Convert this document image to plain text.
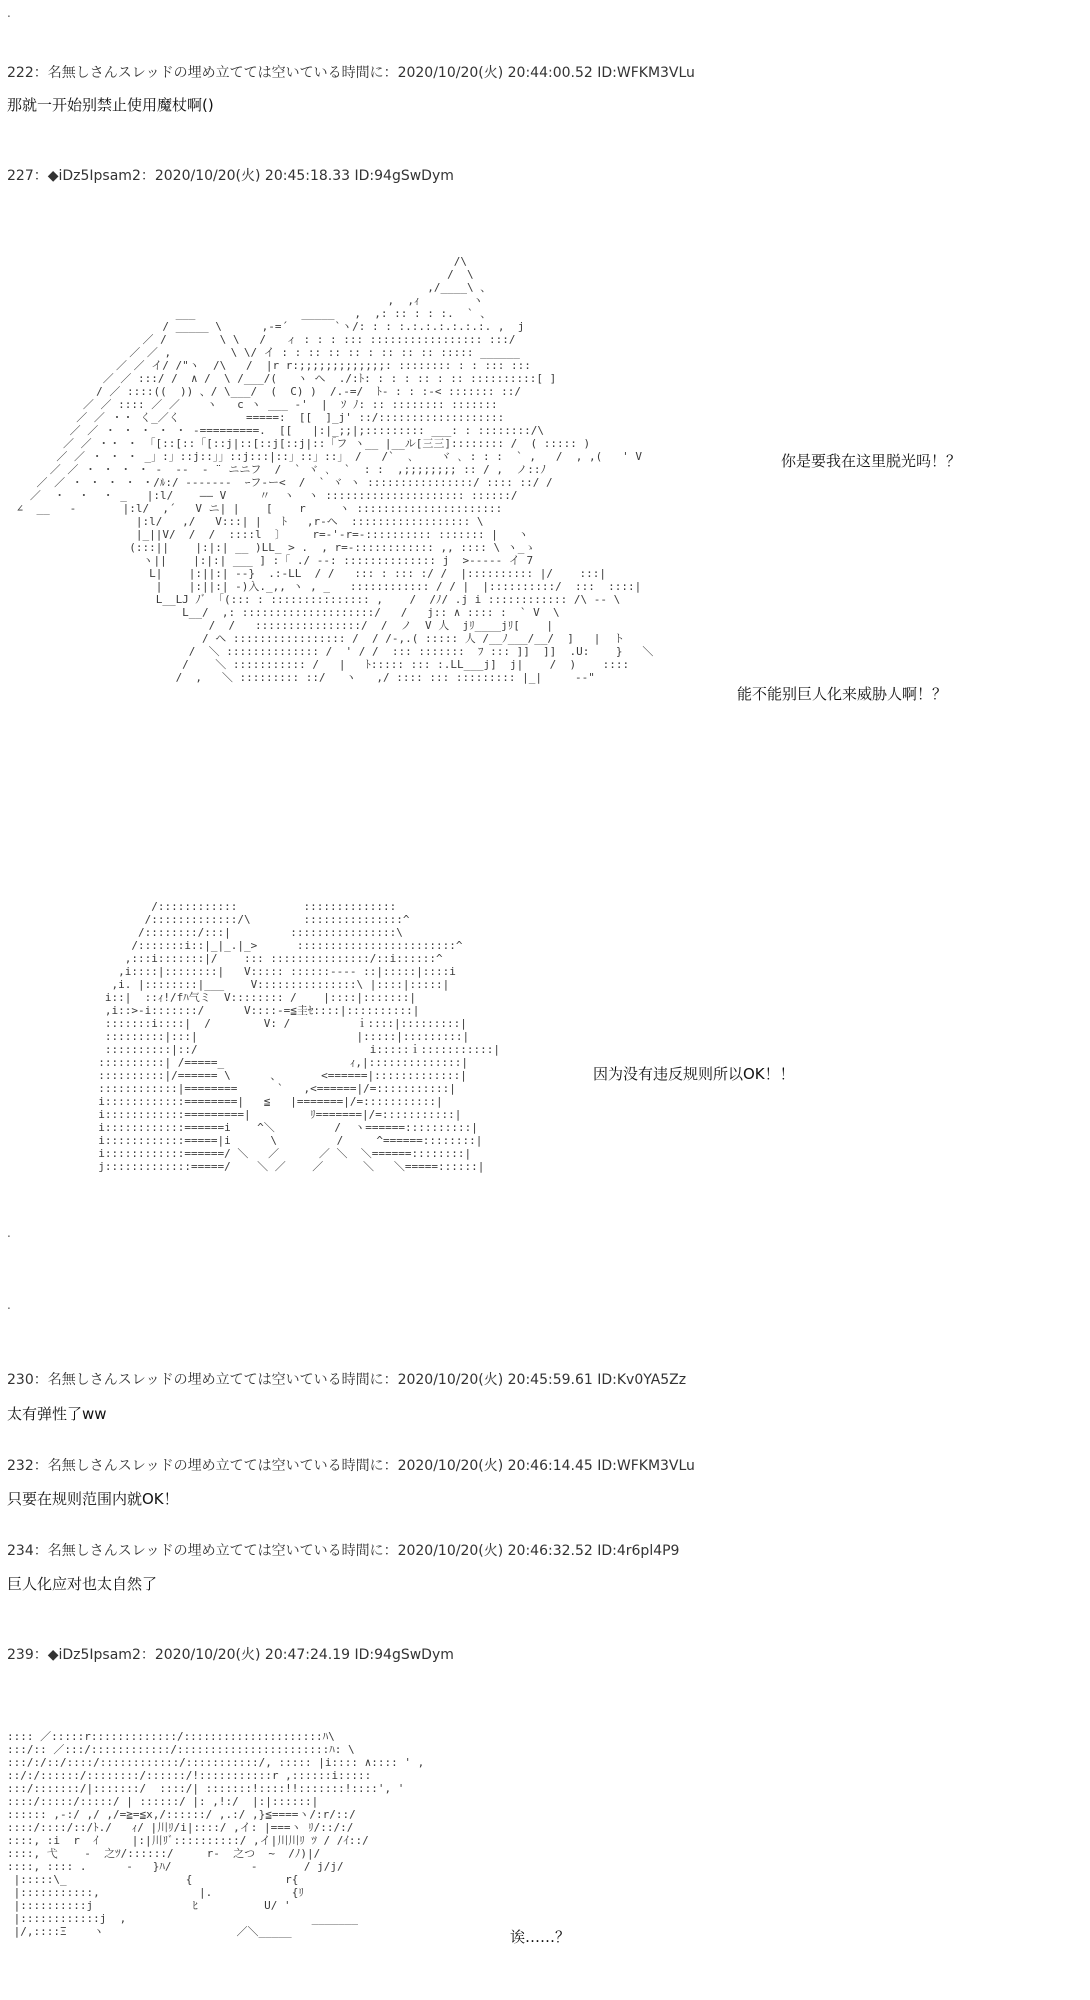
.
.
.
222：名無しさんスレッドの埋め立てては空いている時間に：2020/10/20(火) 20:44:00.52 ID:WFKM3VLu
那就一开始别禁止使用魔杖啊()
227：◆iDz5Ipsam2：2020/10/20(火) 20:45:18.33 ID:94gSwDym
/\
/  \
,/____\ 、
,  ,ｨ        ヽ
___                _____   ,  ,: :: : : :.  ` 、
/ _____ \      ,-=´       `ヽ/: : : :.:.:.:.:.:.:. ,  j
／ /        \ \   /   ィ : : : ::: ::::::::::::::::: :::/
／ ／ ,         \ \/ イ : : :: :: :: : :: :: :: ::::: ______
／ ／ イ/ /"ヽ  /\   /  |r r:;;;;;;;;;;;;;: :::::::: : : ::: :::
／ ／ :::/ /  ∧ /  \ /___/(   ヽ ヘ  ./:ﾄ: : : : :: : :: ::::::::::[ ]
/ ／ ::::((  )) 、/ \___/  (  C) )  /.-=/  ﾄ- : : :-< ::::::: ::/
／ ／ :::: ／ ／    ヽ   c ヽ ___ -'  |  ｿ ﾉ: :: :::::::: :::::::
／ ／ ・・ く_／く          =====:  [[  ]_j' ::/:::::::::::::::::::
／ ／ ・ ・ ・ ・ ・ -=========.  [[   |:|_;;|;::::::::: ___: : ::::::::/\
／ ／ ・・ ・ 「[::[::「[::j|::[::j[::j|::「フ ヽ__ |__ル[三三]:::::::: /  ( ::::: )
／ ／ ・ ・ ・ _」:」::j::」」::j:::|::」::」::」 /   /`  ､    ヾ ､ : : :  ` ,   /  , ,(   ' V
／ ／ ・ ・ ・ ・ ‐  ‐‐  ‐ ¨ ニニフ  /  ` ヾ ､  `  : :  ,;;;;;;;; :: / ,  ノ::ﾉ
／ ／ ・ ・ ・ ・ ・/ﾙ:/ ‐‐‐‐‐‐‐  ｰフ‐ー<  /  ` ヾ ヽ ::::::::::::::::/ :::: ::/ /
／  ・  ・  ・ _   |:l/    ―― V     〃  ヽ  ヽ ::::::::::::::::::::: ::::::/
∠  __   -       |:l/  ,´   V ニ| |    [    r     ヽ ::::::::::::::::::::::
|:l/   ,/   V:::| |   ﾄ   ,r-ヘ  :::::::::::::::::: \
|_||V/  /  /  ::::l  〕    r=-'-r=-:::::::::: ::::::: |   ヽ
(:::||    |:|:| __ )LL_ > .  , r=-:::::::::::: ,, :::: \ ヽ_ゝ
ヽ||    |:|:| ___ ] :「 ./ -‐: :::::::::::::: j  >----- イ 7
L|    |:||:| --}  .:-LL  / /   ::: : ::: :/ /  |:::::::::: |/    :::|
|    |:||:| -)入._,, ヽ , _   :::::::::::: / / |  |::::::::::/  :::  ::::|
L__LJ ﾉﾞ 「(::: : ::::::::::::::: ,    /  /ﾉ/ .j i :::::::::::: /\ ‐‐ \
L__/  ,: ::::::::::::::::::::/   /   j:: ∧ :::: :  ` V  \
/  /   ::::::::::::::::/  /  ノ  V 人  jﾘ____jﾘ[    |
/ ヘ ::::::::::::::::: /  / /‐,.( ::::: 人 /__ﾉ___/__/  ]   |  ト
/  ＼ :::::::::::::: /  ' / /  ::: :::::::  ﾌ ::: ]]  ]]  .U:    }   ＼
/    ＼ ::::::::::: /   |   ﾄ::::: ::: :.LL___j]  j|    /  )    ::::
/  ,   ＼ ::::::::: ::/   ヽ   ,/ :::: ::: ::::::::: |_|     ‐-"

你是要我在这里脱光吗！？
能不能别巨人化来威胁人啊！？
/::::::::::::          ::::::::::::::
/:::::::::::::/\        :::::::::::::::^
/::::::::/:::|         ::::::::::::::::\
/:::::::i::|_|_.|_>      ::::::::::::::::::::::::^
,:::i:::::::|/    ::: :::::::::::::::/::i::::::^
,i::::|::::::::|   V::::: ::::::---- ::|:::::|::::i
,i. |::::::::|___    V:::::::::::::::\ |::::|:::::|
i::|  ::ｨ!/fﾊ气ミ  V:::::::: /    |::::|:::::::|
,i::>-i:::::::/      V::::-=≦圭ｾ::::|::::::::::|
:::::::i::::|  /        V: /          ｉ::::|:::::::::|
:::::::::|:::|                        |:::::|:::::::::|
::::::::::|::/                          i:::::ｉ:::::::::::|
::::::::::| /=====_                   ｨ,|::::::::::::::|
::::::::::|/====== \      、      <======|:::::::::::::|
::::::::::::|========      `   ,<======|/=:::::::::::|
i::::::::::::========|   ≦   |=======|/=:::::::::::|
i::::::::::::=========|         ﾘ=======|/=:::::::::::|
i::::::::::::======i    ^＼         /  ヽ======::::::::::|
i::::::::::::=====|i      \         /     ^======::::::::|
i::::::::::::======/ ＼   ／      ／ ＼  ＼======::::::::|
j:::::::::::::=====/    ＼ ／    ／      ＼   ＼=====::::::|

因为没有违反规则所以OK！！
230：名無しさんスレッドの埋め立てては空いている時間に：2020/10/20(火) 20:45:59.61 ID:Kv0YA5Zz
太有弹性了ww
232：名無しさんスレッドの埋め立てては空いている時間に：2020/10/20(火) 20:46:14.45 ID:WFKM3VLu
只要在规则范围内就OK！
234：名無しさんスレッドの埋め立てては空いている時間に：2020/10/20(火) 20:46:32.52 ID:4r6pl4P9
巨人化应对也太自然了
239：◆iDz5Ipsam2：2020/10/20(火) 20:47:24.19 ID:94gSwDym
:::: ／:::::r:::::::::::::/:::::::::::::::::::::ﾊ\
:::/:: ／:::/::::::::::::/:::::::::::::::::::::::ﾊ: \
:::/:/::/::::/::::::::::::/:::::::::::/, ::::: |i:::: ∧:::: ' ,
::/:/::::::/::::::::/::::::/!:::::::::::r ,::::::i:::::
:::/:::::::/|:::::::/  ::::/| :::::::!::::!!:::::::!::::', '
::::/:::::/:::::/ | ::::::/ |: ,!:/  |:|::::::|
:::::: ,-:/ ,/ ,/=≧=≦x,/::::::/ ,.:/ ,}≦====ヽ/:r/::/
::::/::::/::/ﾄ./   ｨ/ |川ﾘ/i|::::/ ,イ: |===ヽ ﾘ/::/:/
::::, :i  r  ｲ     |:|川ﾘﾞ::::::::::/ ,イ|川川ﾘ ﾂ / /ｲ::/
::::, 弋    ‐  之ﾂ/::::::/     r‐  之つ  ~  /ﾉ)|/
::::, :::: .      ‐   }ﾊ/            ‐       / j/j/
|:::::\_                  {              r{
|:::::::::::,               |.            {ﾘ
|::::::::::j               ﾋ          U/ '
|::::::::::::j  ,                            _______
|/,::::Ξ    ヽ                    ／＼_____	诶……？
